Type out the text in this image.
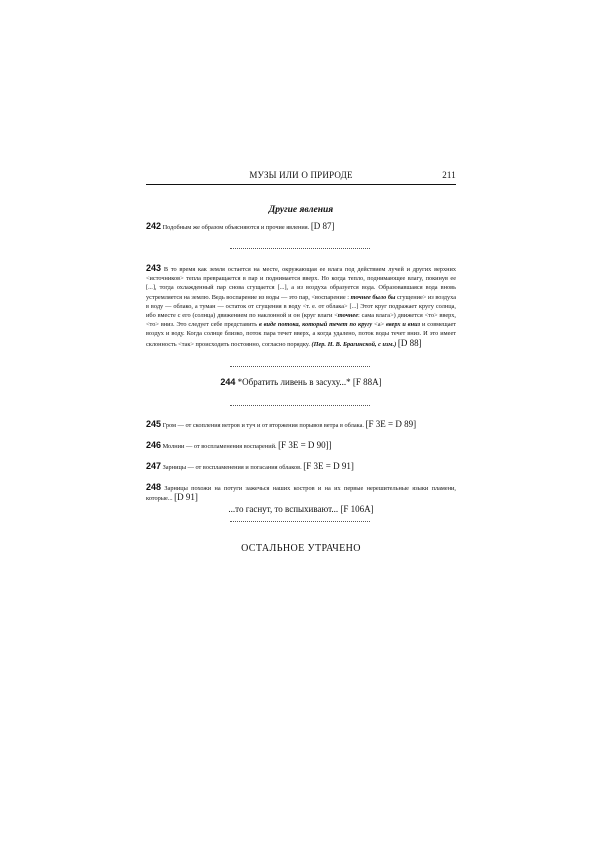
МУЗЫ ИЛИ О ПРИРОДЕ	211
Другие явления
242 Подобным же образом объясняются и прочие явления. [D 87]
243 В то время как земля остается на месте, окружающая ее влага под действием лучей и других верхних <источников> тепла превращается в пар и поднимается вверх. Но когда тепло, поднимающее влагу, покинув ее [...], тогда охлажденный пар снова сгущается [...], а из воздуха образуется вода. Образовавшаяся вода вновь устремляется на землю. Ведь воспарение из воды — это пар, <воспарение : точнее было бы сгущение> из воздуха в воду — облако, а туман — остаток от сгущения в воду <т. е. от облака> [...] Этот круг подражает кругу солнца, ибо вместе с его (солнца) движением по наклонной и он (круг влаги <точнее: сама влага>) движется <то> вверх, <то> вниз. Это следует себе представить в виде потока, который течет по кругу <а> вверх и вниз и совмещает воздух и воду. Когда солнце близко, поток пара течет вверх, а когда удалено, поток воды течет вниз. И это имеет склонность <так> происходить постоянно, согласно порядку. (Пер. Н. В. Брагинской, с изм.) [D 88]
244 *Обратить ливень в засуху...* [F 88A]
245 Гром — от скопления ветров и туч и от вторжения порывов ветра в облака. [F 3E = D 89]
246 Молнии — от воспламенения воспарений. [F 3E = D 90]]
247 Зарницы — от воспламенения и погасания облаков. [F 3E = D 91]
248 Зарницы похожи на потуги зажечься наших костров и на их первые нерешительные языки пламени, которые... [D 91]
...то гаснут, то вспыхивают... [F 106A]
ОСТАЛЬНОЕ УТРАЧЕНО
